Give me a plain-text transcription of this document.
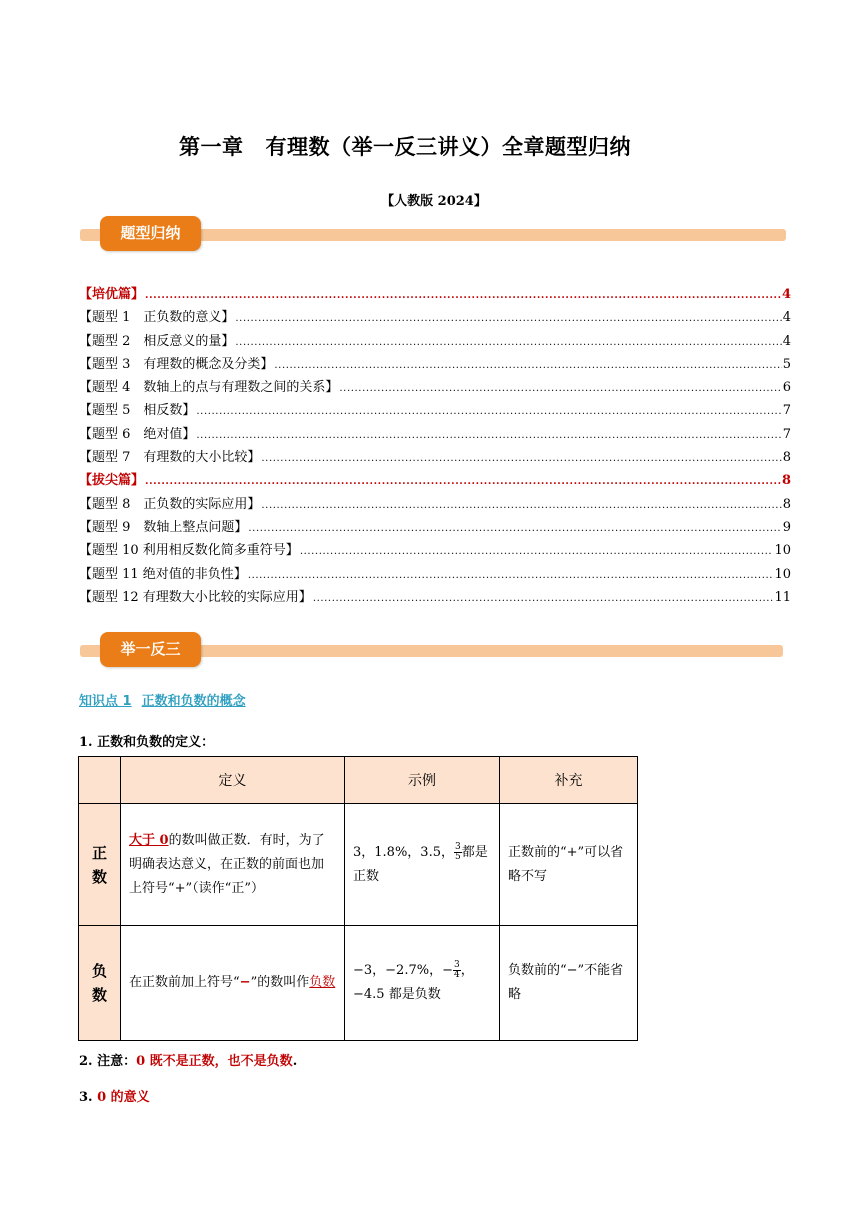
第一章 有理数（举一反三讲义）全章题型归纳
【人教版 2024】
题型归纳
【培优篇】 .....	4
【题型 1　正负数的意义】 .....	4
【题型 2　相反意义的量】 .....	4
【题型 3　有理数的概念及分类】 .....	5
【题型 4　数轴上的点与有理数之间的关系】 .....	6
【题型 5　相反数】 .....	7
【题型 6　绝对值】 .....	7
【题型 7　有理数的大小比较】 .....	8
【拔尖篇】 .....	8
【题型 8　正负数的实际应用】 .....	8
【题型 9　数轴上整点问题】 .....	9
【题型 10 利用相反数化简多重符号】 .....	10
【题型 11 绝对值的非负性】 .....	10
【题型 12 有理数大小比较的实际应用】 .....	11
举一反三
知识点 1 正数和负数的概念
1. 正数和负数的定义：
	定义	示例	补充
正
数	大于 0的数叫做正数．有时，为了明确表达意义，在正数的前面也加上符号“+”（读作“正”）	3，1.8%，3.5， $\frac{3}{5}$ 都是正数	正数前的“+”可以省略不写
负
数	在正数前加上符号“−”的数叫作负数	−3，−2.7%，− $\frac{3}{4}$ ，−4.5 都是负数	负数前的“−”不能省略
2. 注意：0 既不是正数，也不是负数.
3. 0 的意义
